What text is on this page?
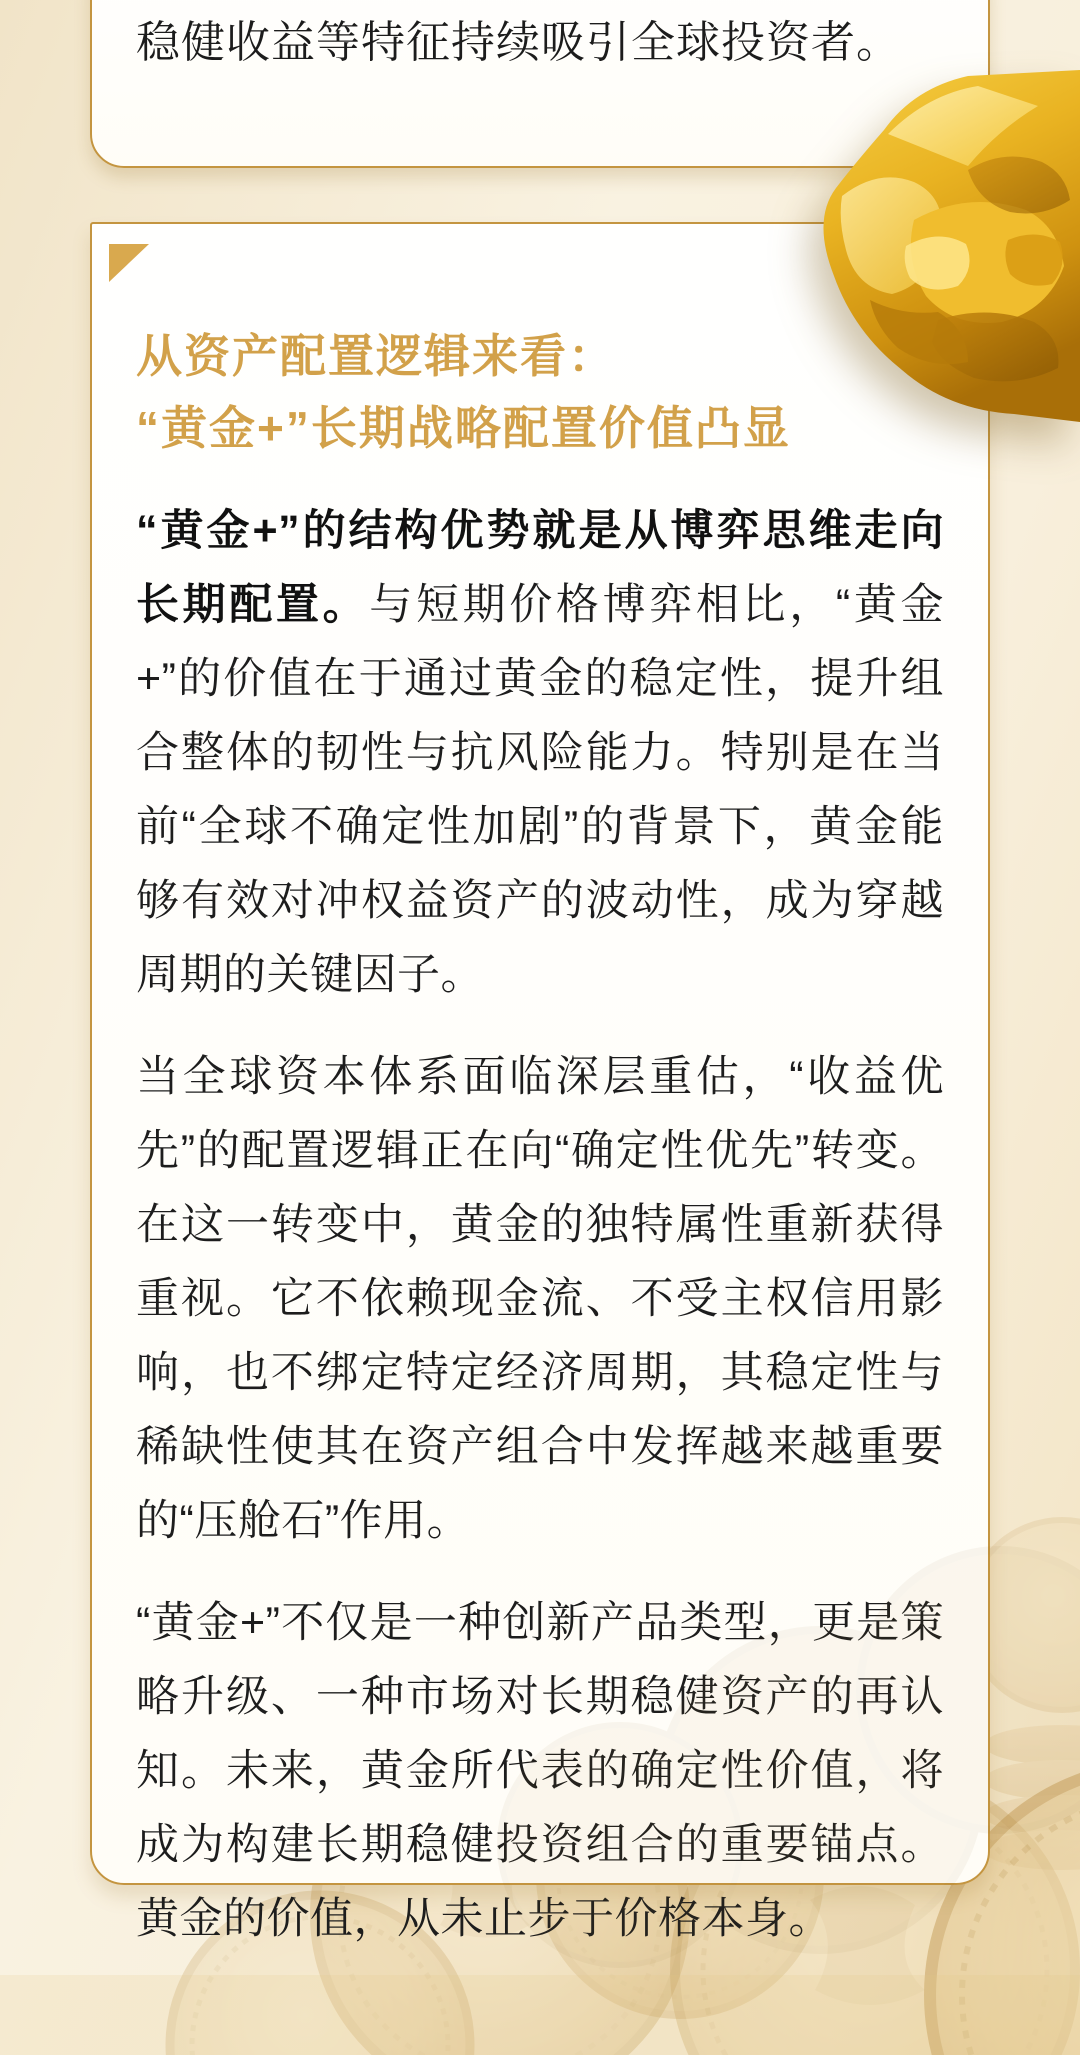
稳健收益等特征持续吸引全球投资者。

从资产配置逻辑来看：
“黄金+”长期战略配置价值凸显

“黄金+”的结构优势就是从博弈思维走向长期配置。与短期价格博弈相比，“黄金+”的价值在于通过黄金的稳定性，提升组合整体的韧性与抗风险能力。特别是在当前“全球不确定性加剧”的背景下，黄金能够有效对冲权益资产的波动性，成为穿越周期的关键因子。

当全球资本体系面临深层重估，“收益优先”的配置逻辑正在向“确定性优先”转变。在这一转变中，黄金的独特属性重新获得重视。它不依赖现金流、不受主权信用影响，也不绑定特定经济周期，其稳定性与稀缺性使其在资产组合中发挥越来越重要的“压舱石”作用。

“黄金+”不仅是一种创新产品类型，更是策略升级、一种市场对长期稳健资产的再认知。未来，黄金所代表的确定性价值，将成为构建长期稳健投资组合的重要锚点。黄金的价值，从未止步于价格本身。
